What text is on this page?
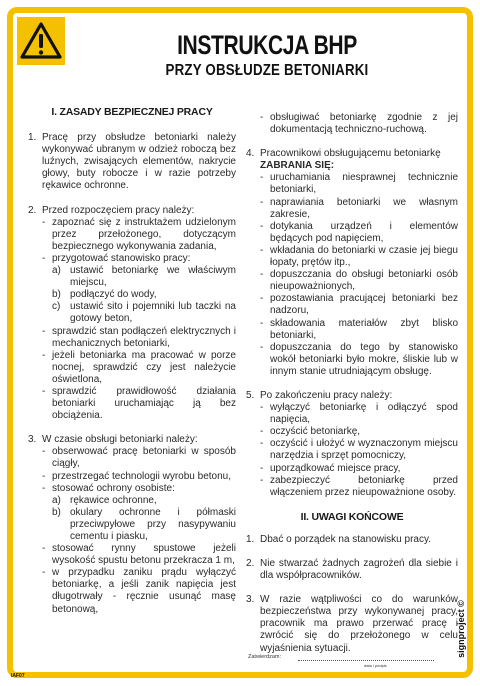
INSTRUKCJA BHP
PRZY OBSŁUDZE BETONIARKI
I. ZASADY BEZPIECZNEJ PRACY
1. Pracę przy obsłudze betoniarki należy wykonywać ubranym w odzież roboczą bez luźnych, zwisających elementów, nakrycie głowy, buty robocze i w razie potrzeby rękawice ochronne.
2. Przed rozpoczęciem pracy należy:
- zapoznać się z instruktażem udzielonym przez przełożonego, dotyczącym bezpiecznego wykonywania zadania,
- przygotować stanowisko pracy:
a) ustawić betoniarkę we właściwym miejscu,
b) podłączyć do wody,
c) ustawić sito i pojemniki lub taczki na gotowy beton,
- sprawdzić stan podłączeń elektrycznych i mechanicznych betoniarki,
- jeżeli betoniarka ma pracować w porze nocnej, sprawdzić czy jest należycie oświetlona,
- sprawdzić prawidłowość działania betoniarki uruchamiając ją bez obciążenia.
3. W czasie obsługi betoniarki należy:
- obserwować pracę betoniarki w sposób ciągły,
- przestrzegać technologii wyrobu betonu,
- stosować ochrony osobiste:
a) rękawice ochronne,
b) okulary ochronne i półmaski przeciwpyłowe przy nasypywaniu cementu i piasku,
- stosować rynny spustowe jeżeli wysokość spustu betonu przekracza 1 m,
- w przypadku zaniku prądu wyłączyć betoniarkę, a jeśli zanik napięcia jest długotrwały - ręcznie usunąć masę betonową,
- obsługiwać betoniarkę zgodnie z jej dokumentacją techniczno-ruchową.
4. Pracownikowi obsługującemu betoniarkę
ZABRANIA SIĘ:
- uruchamiania niesprawnej technicznie betoniarki,
- naprawiania betoniarki we własnym zakresie,
- dotykania urządzeń i elementów będących pod napięciem,
- wkładania do betoniarki w czasie jej biegu łopaty, prętów itp.,
- dopuszczania do obsługi betoniarki osób nieupoważnionych,
- pozostawiania pracującej betoniarki bez nadzoru,
- składowania materiałów zbyt blisko betoniarki,
- dopuszczania do tego by stanowisko wokół betoniarki było mokre, śliskie lub w innym stanie utrudniającym obsługę.
5. Po zakończeniu pracy należy:
- wyłączyć betoniarkę i odłączyć spod napięcia,
- oczyścić betoniarkę,
- oczyścić i ułożyć w wyznaczonym miejscu narzędzia i sprzęt pomocniczy,
- uporządkować miejsce pracy,
- zabezpieczyć betoniarkę przed włączeniem przez nieupoważnione osoby.
II. UWAGI KOŃCOWE
1. Dbać o porządek na stanowisku pracy.
2. Nie stwarzać żadnych zagrożeń dla siebie i dla współpracowników.
3. W razie wątpliwości co do warunków bezpieczeństwa przy wykonywanej pracy, pracownik ma prawo przerwać pracę i zwrócić się do przełożonego w celu wyjaśnienia sytuacji.
Zatwierdzam:
data i podpis
signproject ©
IAF07
